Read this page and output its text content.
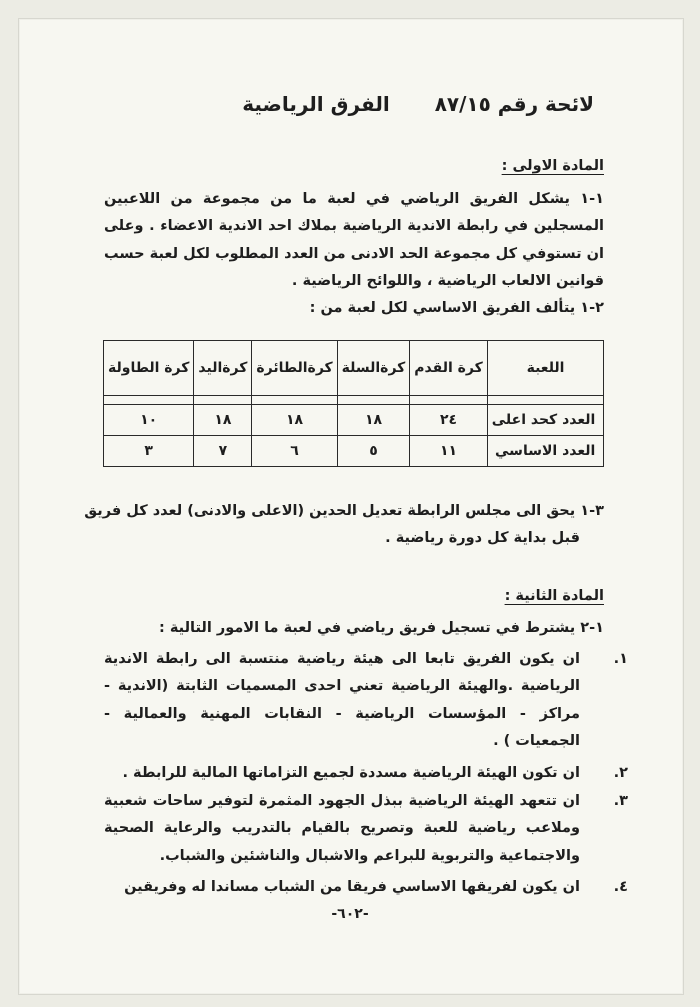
لائحة رقم ٨٧/١٥ الفرق الرياضية
المادة الاولى :
١-١ يشكل الفريق الرياضي في لعبة ما من مجموعة من اللاعبين المسجلين في رابطة الاندية الرياضية بملاك احد الاندية الاعضاء . وعلى ان تستوفي كل مجموعة الحد الادنى من العدد المطلوب لكل لعبة حسب قوانين الالعاب الرياضية ، واللوائح الرياضية .
٢-١ يتألف الفريق الاساسي لكل لعبة من :
اللعبة	كرة القدم	كرةالسلة	كرةالطائرة	كرةاليد	كرة الطاولة

العدد كحد اعلى	٢٤	١٨	١٨	١٨	١٠
العدد الاساسي	١١	٥	٦	٧	٣
٣-١ يحق الى مجلس الرابطة تعديل الحدين (الاعلى والادنى) لعدد كل فريق
قبل بداية كل دورة رياضية .
المادة الثانية :
١-٢ يشترط في تسجيل فريق رياضي في لعبة ما الامور التالية :
١.ان يكون الفريق تابعا الى هيئة رياضية منتسبة الى رابطة الاندية الرياضية .والهيئة الرياضية تعني احدى المسميات الثابتة (الاندية - مراكز - المؤسسات الرياضية - النقابات المهنية والعمالية - الجمعيات ) .
٢.ان تكون الهيئة الرياضية مسددة لجميع التزاماتها المالية للرابطة .
٣.ان تتعهد الهيئة الرياضية ببذل الجهود المثمرة لتوفير ساحات شعبية وملاعب رياضية للعبة وتصريح بالقيام بالتدريب والرعاية الصحية والاجتماعية والتربوية للبراعم والاشبال والناشئين والشباب.
٤.ان يكون لفريقها الاساسي فريقا من الشباب مساندا له وفريقين
-٦٠٢-
